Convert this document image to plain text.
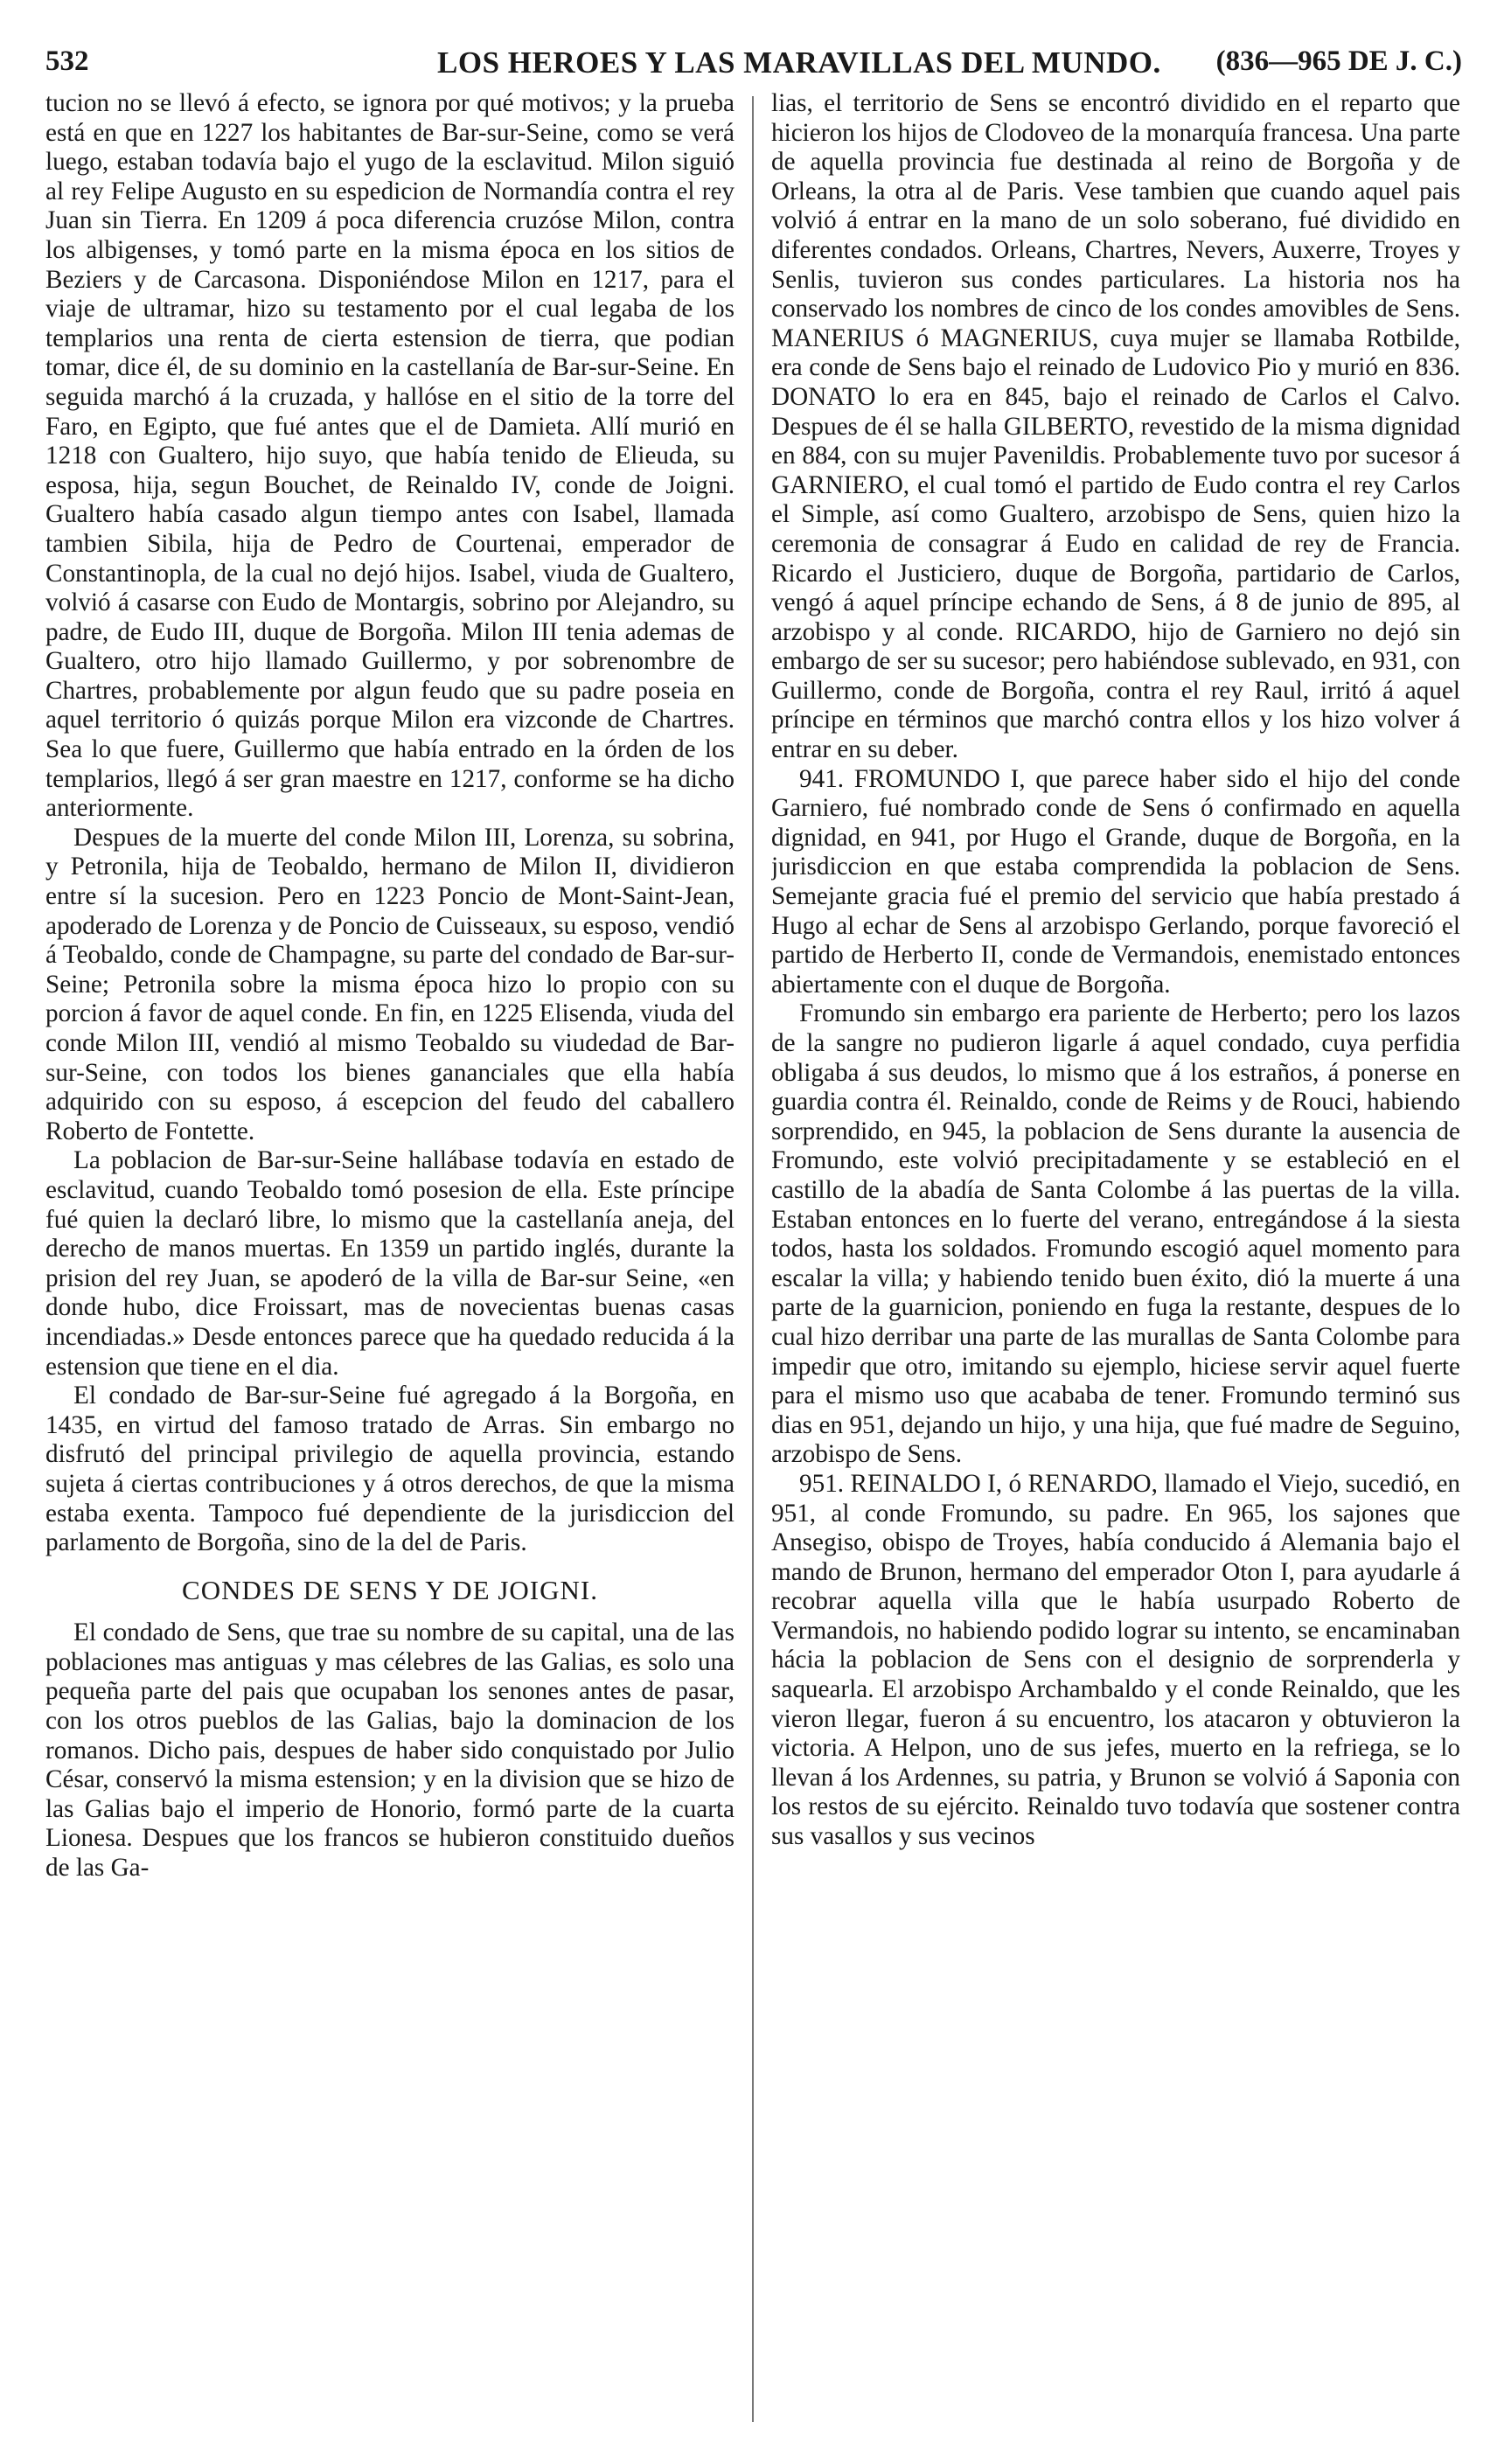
532	LOS HEROES Y LAS MARAVILLAS DEL MUNDO. (836—965 DE J. C.)

tucion no se llevó á efecto, se ignora por qué motivos; y la prueba está en que en 1227 los habitantes de Bar-sur-Seine, como se verá luego, estaban todavía bajo el yugo de la esclavitud. Milon siguió al rey Felipe Augusto en su espedicion de Normandía contra el rey Juan sin Tierra. En 1209 á poca diferencia cruzóse Milon, contra los albigenses, y tomó parte en la misma época en los sitios de Beziers y de Carcasona. Disponiéndose Milon en 1217, para el viaje de ultramar, hizo su testamento por el cual legaba de los templarios una renta de cierta estension de tierra, que podian tomar, dice él, de su dominio en la castellanía de Bar-sur-Seine. En seguida marchó á la cruzada, y hallóse en el sitio de la torre del Faro, en Egipto, que fué antes que el de Damieta. Allí murió en 1218 con Gualtero, hijo suyo, que había tenido de Elieuda, su esposa, hija, segun Bouchet, de Reinaldo IV, conde de Joigni. Gualtero había casado algun tiempo antes con Isabel, llamada tambien Sibila, hija de Pedro de Courtenai, emperador de Constantinopla, de la cual no dejó hijos. Isabel, viuda de Gualtero, volvió á casarse con Eudo de Montargis, sobrino por Alejandro, su padre, de Eudo III, duque de Borgoña. Milon III tenia ademas de Gualtero, otro hijo llamado Guillermo, y por sobrenombre de Chartres, probablemente por algun feudo que su padre poseia en aquel territorio ó quizás porque Milon era vizconde de Chartres. Sea lo que fuere, Guillermo que había entrado en la órden de los templarios, llegó á ser gran maestre en 1217, conforme se ha dicho anteriormente.

Despues de la muerte del conde Milon III, Lorenza, su sobrina, y Petronila, hija de Teobaldo, hermano de Milon II, dividieron entre sí la sucesion. Pero en 1223 Poncio de Mont-Saint-Jean, apoderado de Lorenza y de Poncio de Cuisseaux, su esposo, vendió á Teobaldo, conde de Champagne, su parte del condado de Bar-sur-Seine; Petronila sobre la misma época hizo lo propio con su porcion á favor de aquel conde. En fin, en 1225 Elisenda, viuda del conde Milon III, vendió al mismo Teobaldo su viudedad de Bar-sur-Seine, con todos los bienes gananciales que ella había adquirido con su esposo, á escepcion del feudo del caballero Roberto de Fontette.

La poblacion de Bar-sur-Seine hallábase todavía en estado de esclavitud, cuando Teobaldo tomó posesion de ella. Este príncipe fué quien la declaró libre, lo mismo que la castellanía aneja, del derecho de manos muertas. En 1359 un partido inglés, durante la prision del rey Juan, se apoderó de la villa de Bar-sur Seine, «en donde hubo, dice Froissart, mas de novecientas buenas casas incendiadas.» Desde entonces parece que ha quedado reducida á la estension que tiene en el dia.

El condado de Bar-sur-Seine fué agregado á la Borgoña, en 1435, en virtud del famoso tratado de Arras. Sin embargo no disfrutó del principal privilegio de aquella provincia, estando sujeta á ciertas contribuciones y á otros derechos, de que la misma estaba exenta. Tampoco fué dependiente de la jurisdiccion del parlamento de Borgoña, sino de la del de Paris.

CONDES DE SENS Y DE JOIGNI.

El condado de Sens, que trae su nombre de su capital, una de las poblaciones mas antiguas y mas célebres de las Galias, es solo una pequeña parte del pais que ocupaban los senones antes de pasar, con los otros pueblos de las Galias, bajo la dominacion de los romanos. Dicho pais, despues de haber sido conquistado por Julio César, conservó la misma estension; y en la division que se hizo de las Galias bajo el imperio de Honorio, formó parte de la cuarta Lionesa. Despues que los francos se hubieron constituido dueños de las Ga-

lias, el territorio de Sens se encontró dividido en el reparto que hicieron los hijos de Clodoveo de la monarquía francesa. Una parte de aquella provincia fue destinada al reino de Borgoña y de Orleans, la otra al de Paris. Vese tambien que cuando aquel pais volvió á entrar en la mano de un solo soberano, fué dividido en diferentes condados. Orleans, Chartres, Nevers, Auxerre, Troyes y Senlis, tuvieron sus condes particulares. La historia nos ha conservado los nombres de cinco de los condes amovibles de Sens. MANERIUS ó MAGNERIUS, cuya mujer se llamaba Rotbilde, era conde de Sens bajo el reinado de Ludovico Pio y murió en 836. DONATO lo era en 845, bajo el reinado de Carlos el Calvo. Despues de él se halla GILBERTO, revestido de la misma dignidad en 884, con su mujer Pavenildis. Probablemente tuvo por sucesor á GARNIERO, el cual tomó el partido de Eudo contra el rey Carlos el Simple, así como Gualtero, arzobispo de Sens, quien hizo la ceremonia de consagrar á Eudo en calidad de rey de Francia. Ricardo el Justiciero, duque de Borgoña, partidario de Carlos, vengó á aquel príncipe echando de Sens, á 8 de junio de 895, al arzobispo y al conde. RICARDO, hijo de Garniero no dejó sin embargo de ser su sucesor; pero habiéndose sublevado, en 931, con Guillermo, conde de Borgoña, contra el rey Raul, irritó á aquel príncipe en términos que marchó contra ellos y los hizo volver á entrar en su deber.

941. FROMUNDO I, que parece haber sido el hijo del conde Garniero, fué nombrado conde de Sens ó confirmado en aquella dignidad, en 941, por Hugo el Grande, duque de Borgoña, en la jurisdiccion en que estaba comprendida la poblacion de Sens. Semejante gracia fué el premio del servicio que había prestado á Hugo al echar de Sens al arzobispo Gerlando, porque favoreció el partido de Herberto II, conde de Vermandois, enemistado entonces abiertamente con el duque de Borgoña.

Fromundo sin embargo era pariente de Herberto; pero los lazos de la sangre no pudieron ligarle á aquel condado, cuya perfidia obligaba á sus deudos, lo mismo que á los estraños, á ponerse en guardia contra él. Reinaldo, conde de Reims y de Rouci, habiendo sorprendido, en 945, la poblacion de Sens durante la ausencia de Fromundo, este volvió precipitadamente y se estableció en el castillo de la abadía de Santa Colombe á las puertas de la villa. Estaban entonces en lo fuerte del verano, entregándose á la siesta todos, hasta los soldados. Fromundo escogió aquel momento para escalar la villa; y habiendo tenido buen éxito, dió la muerte á una parte de la guarnicion, poniendo en fuga la restante, despues de lo cual hizo derribar una parte de las murallas de Santa Colombe para impedir que otro, imitando su ejemplo, hiciese servir aquel fuerte para el mismo uso que acababa de tener. Fromundo terminó sus dias en 951, dejando un hijo, y una hija, que fué madre de Seguino, arzobispo de Sens.

951. REINALDO I, ó RENARDO, llamado el Viejo, sucedió, en 951, al conde Fromundo, su padre. En 965, los sajones que Ansegiso, obispo de Troyes, había conducido á Alemania bajo el mando de Brunon, hermano del emperador Oton I, para ayudarle á recobrar aquella villa que le había usurpado Roberto de Vermandois, no habiendo podido lograr su intento, se encaminaban hácia la poblacion de Sens con el designio de sorprenderla y saquearla. El arzobispo Archambaldo y el conde Reinaldo, que les vieron llegar, fueron á su encuentro, los atacaron y obtuvieron la victoria. A Helpon, uno de sus jefes, muerto en la refriega, se lo llevan á los Ardennes, su patria, y Brunon se volvió á Saponia con los restos de su ejército. Reinaldo tuvo todavía que sostener contra sus vasallos y sus vecinos
